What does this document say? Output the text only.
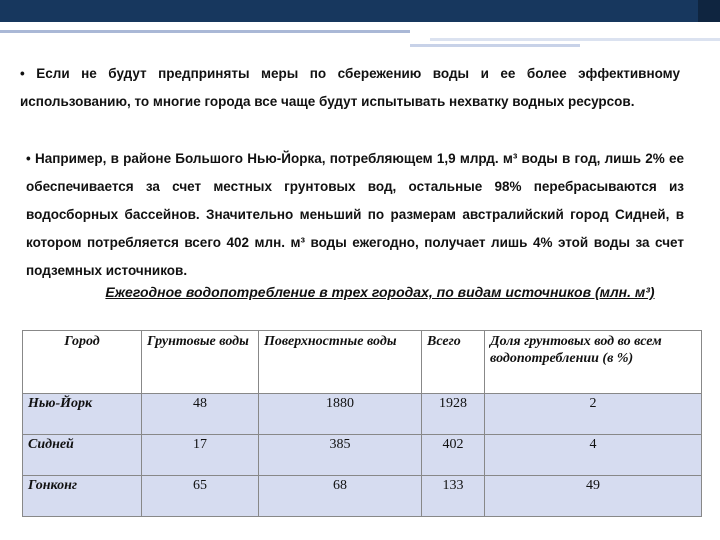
• Если не будут предприняты меры по сбережению воды и ее более эффективному использованию, то многие города все чаще будут испытывать нехватку водных ресурсов.
• Например, в районе Большого Нью-Йорка, потребляющем 1,9 млрд. м³ воды в год, лишь 2% ее обеспечивается за счет местных грунтовых вод, остальные 98% перебрасываются из водосборных бассейнов. Значительно меньший по размерам австралийский город Сидней, в котором потребляется всего 402 млн. м³ воды ежегодно, получает лишь 4% этой воды за счет подземных источников.
Ежегодное водопотребление в трех городах, по видам источников (млн. м³)
Город	Грунтовые воды	Поверхностные воды	Всего	Доля грунтовых вод во всем водопотреблении (в %)
Нью-Йорк	48	1880	1928	2
Сидней	17	385	402	4
Гонконг	65	68	133	49
